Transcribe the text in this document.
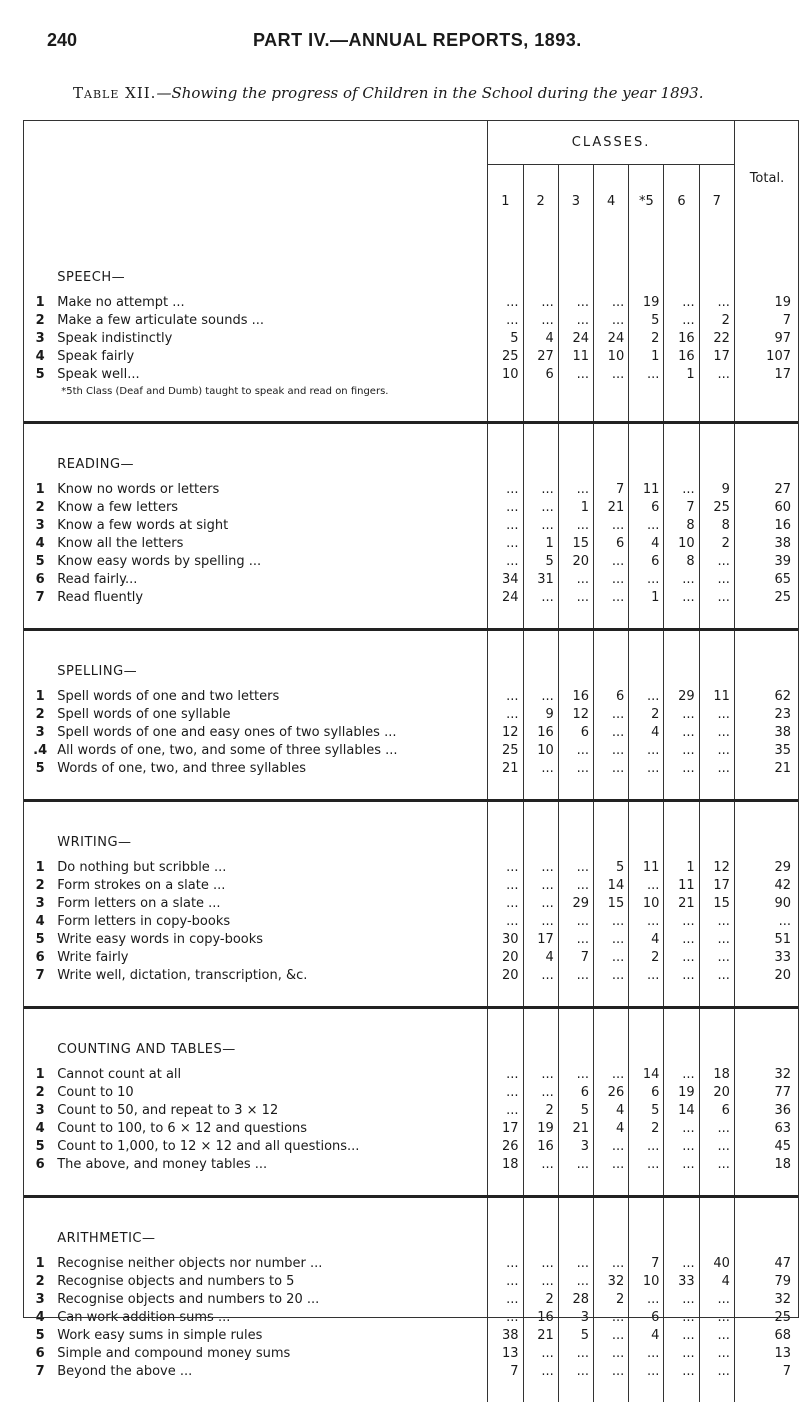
240	PART IV.—ANNUAL REPORTS, 1893.
Table XII.—Showing the progress of Children in the School during the year 1893.
		CLASSES.							Total.
		1	2	3	4	*5	6	7	
	SPEECH—								
1	Make no attempt ...	...	...	...	...	19	...	...	19
2	Make a few articulate sounds ...	...	...	...	...	5	...	2	7
3	Speak indistinctly	5	4	24	24	2	16	22	97
4	Speak fairly	25	27	11	10	1	16	17	107
5	Speak well...	10	6	...	...	...	1	...	17
	*5th Class (Deaf and Dumb) taught to speak and read on fingers.								
	READING—								
1	Know no words or letters	...	...	...	7	11	...	9	27
2	Know a few letters	...	...	1	21	6	7	25	60
3	Know a few words at sight	...	...	...	...	...	8	8	16
4	Know all the letters	...	1	15	6	4	10	2	38
5	Know easy words by spelling ...	...	5	20	...	6	8	...	39
6	Read fairly...	34	31	...	...	...	...	...	65
7	Read fluently	24	...	...	...	1	...	...	25

	SPELLING—								
1	Spell words of one and two letters	...	...	16	6	...	29	11	62
2	Spell words of one syllable	...	9	12	...	2	...	...	23
3	Spell words of one and easy ones of two syllables ...	12	16	6	...	4	...	...	38
.4	All words of one, two, and some of three syllables ...	25	10	...	...	...	...	...	35
5	Words of one, two, and three syllables	21	...	...	...	...	...	...	21

	WRITING—								
1	Do nothing but scribble ...	...	...	...	5	11	1	12	29
2	Form strokes on a slate ...	...	...	...	14	...	11	17	42
3	Form letters on a slate ...	...	...	29	15	10	21	15	90
4	Form letters in copy-books	...	...	...	...	...	...	...	...
5	Write easy words in copy-books	30	17	...	...	4	...	...	51
6	Write fairly	20	4	7	...	2	...	...	33
7	Write well, dictation, transcription, &c.	20	...	...	...	...	...	...	20

	COUNTING AND TABLES—								
1	Cannot count at all	...	...	...	...	14	...	18	32
2	Count to 10	...	...	6	26	6	19	20	77
3	Count to 50, and repeat to 3 × 12	...	2	5	4	5	14	6	36
4	Count to 100, to 6 × 12 and questions	17	19	21	4	2	...	...	63
5	Count to 1,000, to 12 × 12 and all questions...	26	16	3	...	...	...	...	45
6	The above, and money tables ...	18	...	...	...	...	...	...	18

	ARITHMETIC—								
1	Recognise neither objects nor number ...	...	...	...	...	7	...	40	47
2	Recognise objects and numbers to 5	...	...	...	32	10	33	4	79
3	Recognise objects and numbers to 20 ...	...	2	28	2	...	...	...	32
4	Can work addition sums ...	...	16	3	...	6	...	...	25
5	Work easy sums in simple rules	38	21	5	...	4	...	...	68
6	Simple and compound money sums	13	...	...	...	...	...	...	13
7	Beyond the above ...	7	...	...	...	...	...	...	7
